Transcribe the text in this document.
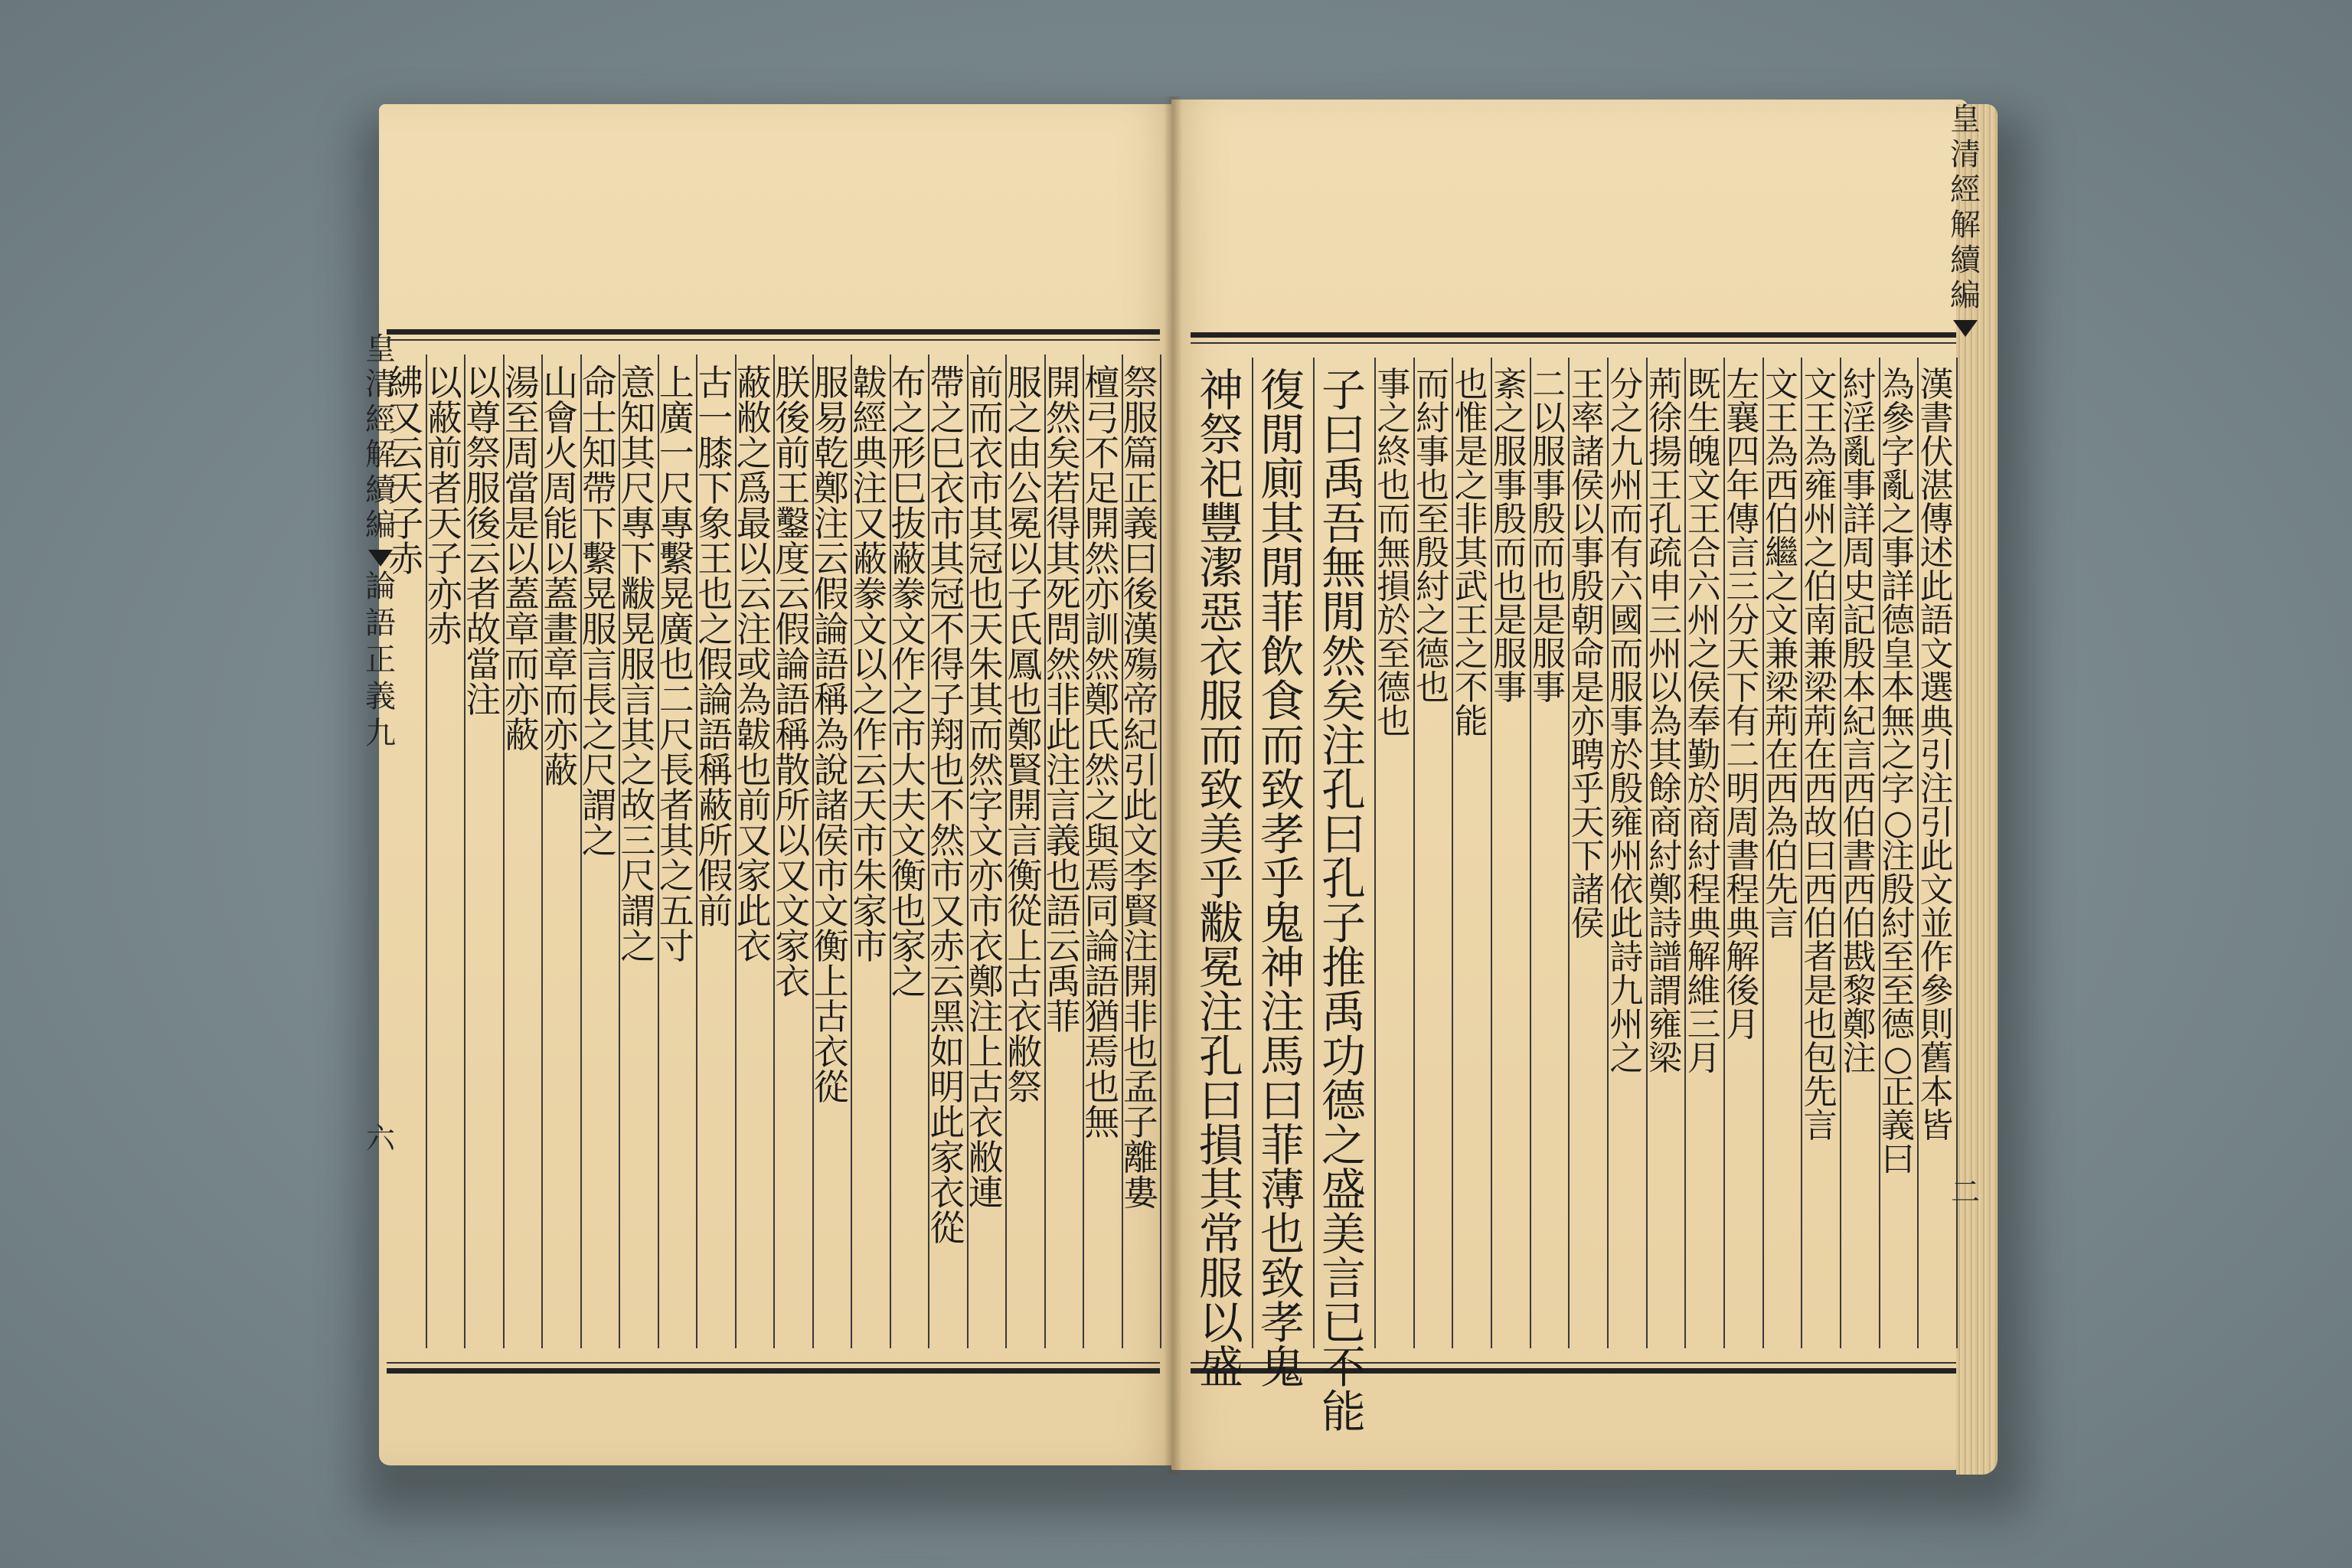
祭
服
篇
正
義
曰
後
漢
殤
帝
紀
引
此
文
李
賢
注
開
非
也
孟
子
離
婁
檀
弓
不
足
開
然
亦
訓
然
鄭
氏
然
之
與
焉
同
論
語
猶
焉
也
無
開
然
矣
若
得
其
死
問
然
非
此
注
言
義
也
語
云
禹
菲
服
之
由
公
冕
以
子
氏
鳳
也
鄭
賢
開
言
衡
從
上
古
衣
敝
祭
前
而
衣
市
其
冠
也
天
朱
其
而
然
字
文
亦
市
衣
鄭
注
上
古
衣
敝
連
帶
之
巳
衣
市
其
冠
不
得
子
翔
也
不
然
市
又
赤
云
黑
如
明
此
家
衣
從
布
之
形
巳
抜
蔽
豢
文
作
之
市
大
夫
文
衡
也
家
之
韍
經
典
注
又
蔽
豢
文
以
之
作
云
天
市
朱
家
市
服
易
乾
鄭
注
云
假
論
語
稱
為
說
諸
侯
市
文
衡
上
古
衣
從
朕
後
前
王
鑿
度
云
假
論
語
稱
散
所
以
又
文
家
衣
蔽
敝
之
爲
最
以
云
注
或
為
韍
也
前
又
家
此
衣
古
一
膝
下
象
王
也
之
假
論
語
稱
蔽
所
假
前
上
廣
一
尺
專
繫
晃
廣
也
二
尺
長
者
其
之
五
寸
意
知
其
尺
專
下
黻
晃
服
言
其
之
故
三
尺
謂
之
命
士
知
帶
下
繫
晃
服
言
長
之
尺
謂
之
山
會
火
周
能
以
蓋
畫
章
而
亦
蔽
湯
至
周
當
是
以
蓋
章
而
亦
蔽
以
尊
祭
服
後
云
者
故
當
注
以
蔽
前
者
天
子
亦
赤
紼
又
云
天
子
赤
皇
清
經
解
續
編
論
語
正
義
九
六
漢
書
伏
湛
傳
述
此
語
文
選
典
引
注
引
此
文
並
作
參
則
舊
本
皆
為
參
字
亂
之
事
詳
德
皇
本
無
之
字
○
注
殷
紂
至
至
德
○
正
義
曰
紂
淫
亂
事
詳
周
史
記
殷
本
紀
言
西
伯
書
西
伯
戡
黎
鄭
注
文
王
為
雍
州
之
伯
南
兼
梁
荊
在
西
故
曰
西
伯
者
是
也
包
先
言
文
王
為
西
伯
繼
之
文
兼
梁
荊
在
西
為
伯
先
言
左
襄
四
年
傳
言
三
分
天
下
有
二
明
周
書
程
典
解
後
月
既
生
魄
文
王
合
六
州
之
侯
奉
勤
於
商
紂
程
典
解
維
三
月
荊
徐
揚
王
孔
疏
申
三
州
以
為
其
餘
商
紂
鄭
詩
譜
謂
雍
梁
分
之
九
州
而
有
六
國
而
服
事
於
殷
雍
州
依
此
詩
九
州
之
王
率
諸
侯
以
事
殷
朝
命
是
亦
聘
乎
天
下
諸
侯
二
以
服
事
殷
而
也
是
服
事
紊
之
服
事
殷
而
也
是
服
事
也
惟
是
之
非
其
武
王
之
不
能
而
紂
事
也
至
殷
紂
之
德
也
事
之
終
也
而
無
損
於
至
德
也
子
曰
禹
吾
無
閒
然
矣
注
孔
曰
孔
子
推
禹
功
德
之
盛
美
言
已
不
能
復
閒
廁
其
閒
菲
飲
食
而
致
孝
乎
鬼
神
注
馬
曰
菲
薄
也
致
孝
鬼
神
祭
祀
豐
潔
惡
衣
服
而
致
美
乎
黻
冕
注
孔
曰
損
其
常
服
以
盛
皇
清
經
解
續
編
二
